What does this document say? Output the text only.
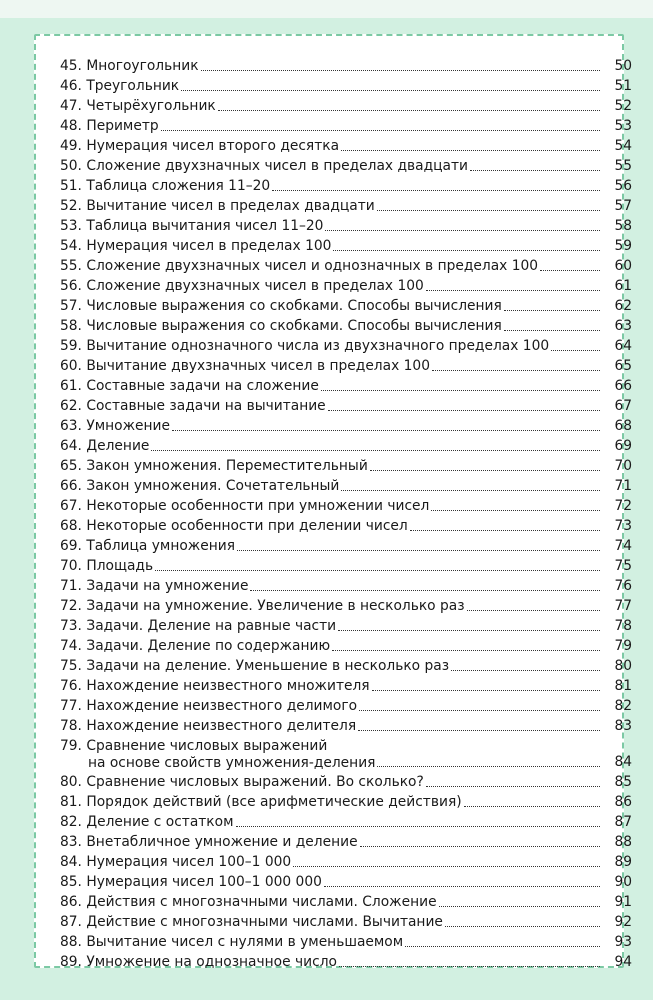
45. Многоугольник	50
46. Треугольник	51
47. Четырёхугольник	52
48. Периметр	53
49. Нумерация чисел второго десятка	54
50. Сложение двухзначных чисел в пределах двадцати	55
51. Таблица сложения 11–20	56
52. Вычитание чисел в пределах двадцати	57
53. Таблица вычитания чисел 11–20	58
54. Нумерация чисел в пределах 100	59
55. Сложение двухзначных чисел и однозначных в пределах 100	60
56. Сложение двухзначных чисел в пределах 100	61
57. Числовые выражения со скобками. Способы вычисления	62
58. Числовые выражения со скобками. Способы вычисления	63
59. Вычитание однозначного числа из двухзначного пределах 100	64
60. Вычитание двухзначных чисел в пределах 100	65
61. Составные задачи на сложение	66
62. Составные задачи на вычитание	67
63. Умножение	68
64. Деление	69
65. Закон умножения. Переместительный	70
66. Закон умножения. Сочетательный	71
67. Некоторые особенности при умножении чисел	72
68. Некоторые особенности при делении чисел	73
69. Таблица умножения	74
70. Площадь	75
71. Задачи на умножение	76
72. Задачи на умножение. Увеличение в несколько раз	77
73. Задачи. Деление на равные части	78
74. Задачи. Деление по содержанию	79
75. Задачи на деление. Уменьшение в несколько раз	80
76. Нахождение неизвестного множителя	81
77. Нахождение неизвестного делимого	82
78. Нахождение неизвестного делителя	83
79. Сравнение числовых выражений
на основе свойств умножения-деления	84
80. Сравнение числовых выражений. Во сколько?	85
81. Порядок действий (все арифметические действия)	86
82. Деление с остатком	87
83. Внетабличное умножение и деление	88
84. Нумерация чисел 100–1 000	89
85. Нумерация чисел 100–1 000 000	90
86. Действия с многозначными числами. Сложение	91
87. Действие с многозначными числами. Вычитание	92
88. Вычитание чисел с нулями в уменьшаемом	93
89. Умножение на однозначное число	94
